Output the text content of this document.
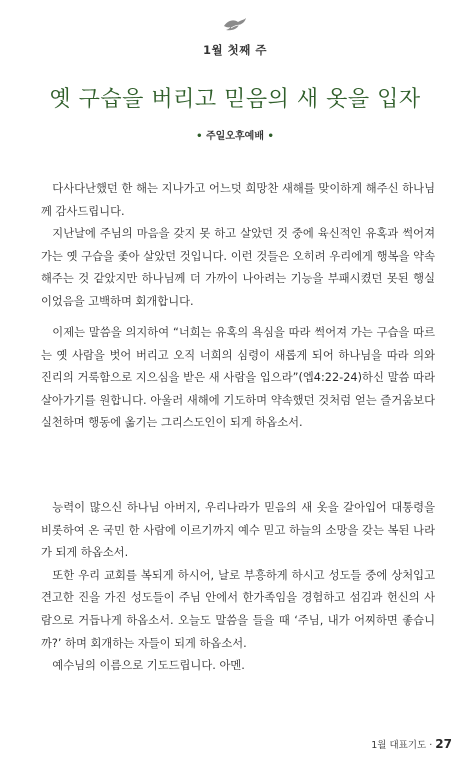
1월 첫째 주
옛 구습을 버리고 믿음의 새 옷을 입자
• 주일오후예배 •

다사다난했던 한 해는 지나가고 어느덧 희망찬 새해를 맞이하게 해주신 하나님께 감사드립니다.

지난날에 주님의 마음을 갖지 못 하고 살았던 것 중에 육신적인 유혹과 썩어져가는 옛 구습을 좇아 살았던 것입니다. 이런 것들은 오히려 우리에게 행복을 약속해주는 것 같았지만 하나님께 더 가까이 나아려는 기능을 부패시켰던 못된 행실이었음을 고백하며 회개합니다.

이제는 말씀을 의지하여 “너희는 유혹의 욕심을 따라 썩어져 가는 구습을 따르는 옛 사람을 벗어 버리고 오직 너희의 심령이 새롭게 되어 하나님을 따라 의와 진리의 거룩함으로 지으심을 받은 새 사람을 입으라”(엡4:22-24)하신 말씀 따라 살아가기를 원합니다. 아울러 새해에 기도하며 약속했던 것처럼 얻는 즐거움보다 실천하며 행동에 옮기는 그리스도인이 되게 하옵소서.

능력이 많으신 하나님 아버지, 우리나라가 믿음의 새 옷을 갈아입어 대통령을 비롯하여 온 국민 한 사람에 이르기까지 예수 믿고 하늘의 소망을 갖는 복된 나라가 되게 하옵소서.

또한 우리 교회를 복되게 하시어, 날로 부흥하게 하시고 성도들 중에 상처입고 견고한 진을 가진 성도들이 주님 안에서 한가족임을 경험하고 섬김과 헌신의 사람으로 거듭나게 하옵소서. 오늘도 말씀을 들을 때 ‘주님, 내가 어찌하면 좋습니까?’ 하며 회개하는 자들이 되게 하옵소서.

예수님의 이름으로 기도드립니다. 아멘.

1월 대표기도 · 27
